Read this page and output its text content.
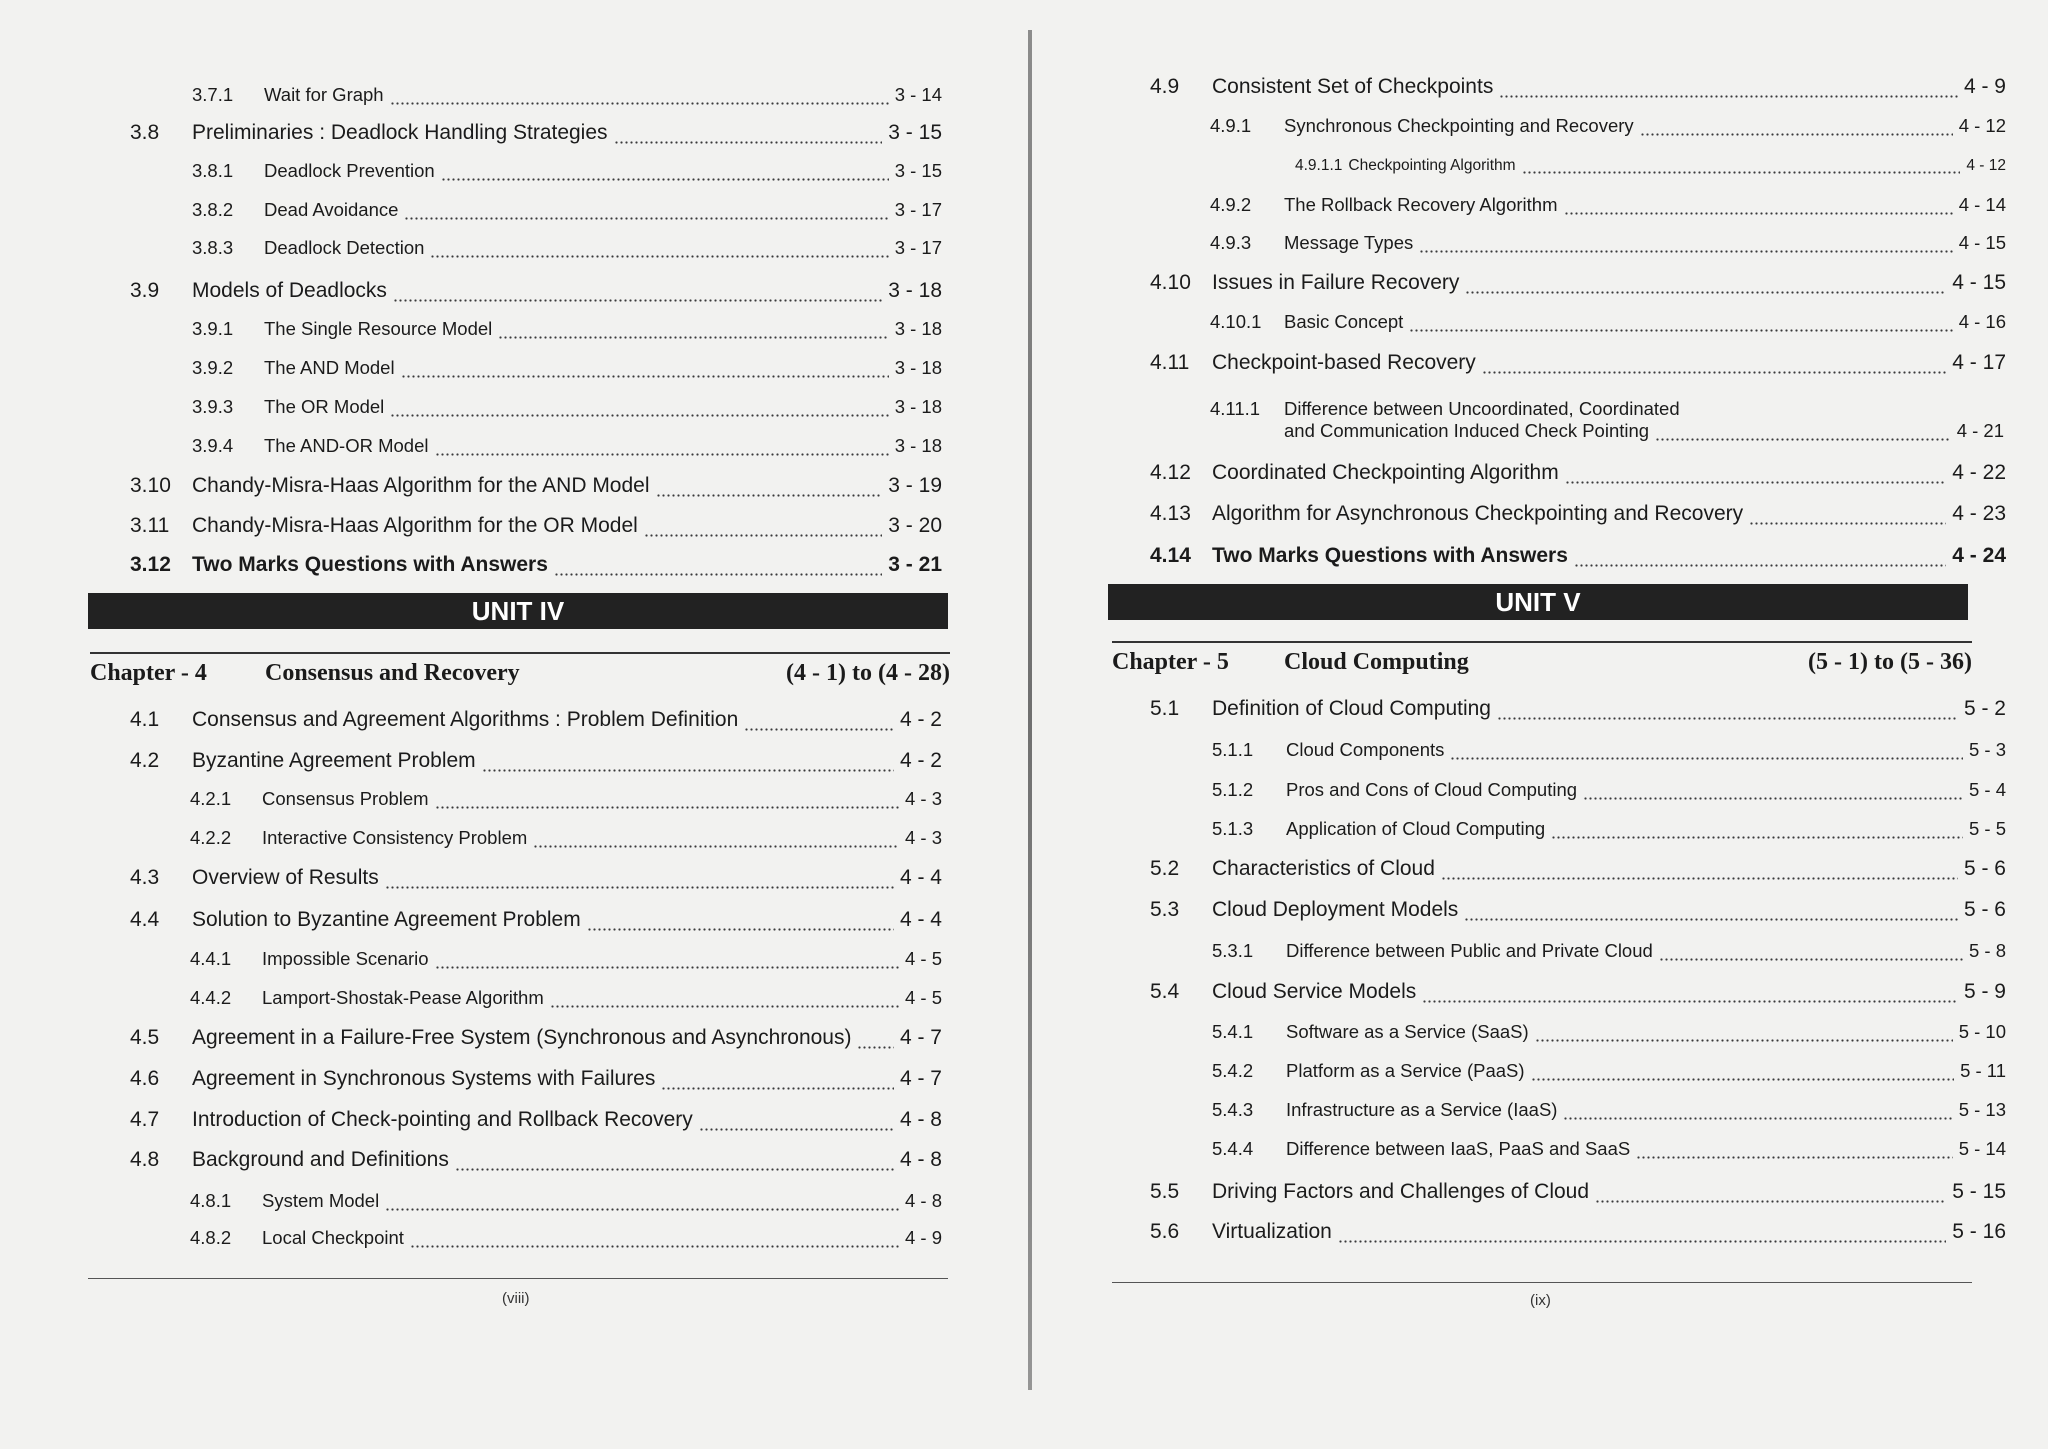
3.7.1	Wait for Graph	3 - 14
3.8	Preliminaries : Deadlock Handling Strategies	3 - 15
3.8.1	Deadlock Prevention	3 - 15
3.8.2	Dead Avoidance	3 - 17
3.8.3	Deadlock Detection	3 - 17
3.9	Models of Deadlocks	3 - 18
3.9.1	The Single Resource Model	3 - 18
3.9.2	The AND Model	3 - 18
3.9.3	The OR Model	3 - 18
3.9.4	The AND-OR Model	3 - 18
3.10	Chandy-Misra-Haas Algorithm for the AND Model	3 - 19
3.11	Chandy-Misra-Haas Algorithm for the OR Model	3 - 20
3.12	Two Marks Questions with Answers	3 - 21
UNIT IV
Chapter - 4	Consensus and Recovery	(4 - 1) to (4 - 28)
4.1	Consensus and Agreement Algorithms : Problem Definition	4 - 2
4.2	Byzantine Agreement Problem	4 - 2
4.2.1	Consensus Problem	4 - 3
4.2.2	Interactive Consistency Problem	4 - 3
4.3	Overview of Results	4 - 4
4.4	Solution to Byzantine Agreement Problem	4 - 4
4.4.1	Impossible Scenario	4 - 5
4.4.2	Lamport-Shostak-Pease Algorithm	4 - 5
4.5	Agreement in a Failure-Free System (Synchronous and Asynchronous) 4 - 7
4.6	Agreement in Synchronous Systems with Failures	4 - 7
4.7	Introduction of Check-pointing and Rollback Recovery	4 - 8
4.8	Background and Definitions	4 - 8
4.8.1	System Model	4 - 8
4.8.2	Local Checkpoint	4 - 9
(viii)
4.9	Consistent Set of Checkpoints	4 - 9
4.9.1	Synchronous Checkpointing and Recovery	4 - 12
4.9.1.1 Checkpointing Algorithm	4 - 12
4.9.2	The Rollback Recovery Algorithm	4 - 14
4.9.3	Message Types	4 - 15
4.10	Issues in Failure Recovery	4 - 15
4.10.1	Basic Concept	4 - 16
4.11	Checkpoint-based Recovery	4 - 17
4.11.1	Difference between Uncoordinated, Coordinated
and Communication Induced Check Pointing	4 - 21
4.12	Coordinated Checkpointing Algorithm	4 - 22
4.13	Algorithm for Asynchronous Checkpointing and Recovery	4 - 23
4.14	Two Marks Questions with Answers	4 - 24
UNIT V
Chapter - 5	Cloud Computing	(5 - 1) to (5 - 36)
5.1	Definition of Cloud Computing	5 - 2
5.1.1	Cloud Components	5 - 3
5.1.2	Pros and Cons of Cloud Computing	5 - 4
5.1.3	Application of Cloud Computing	5 - 5
5.2	Characteristics of Cloud	5 - 6
5.3	Cloud Deployment Models	5 - 6
5.3.1	Difference between Public and Private Cloud	5 - 8
5.4	Cloud Service Models	5 - 9
5.4.1	Software as a Service (SaaS)	5 - 10
5.4.2	Platform as a Service (PaaS)	5 - 11
5.4.3	Infrastructure as a Service (IaaS)	5 - 13
5.4.4	Difference between IaaS, PaaS and SaaS	5 - 14
5.5	Driving Factors and Challenges of Cloud	5 - 15
5.6	Virtualization	5 - 16
(ix)
